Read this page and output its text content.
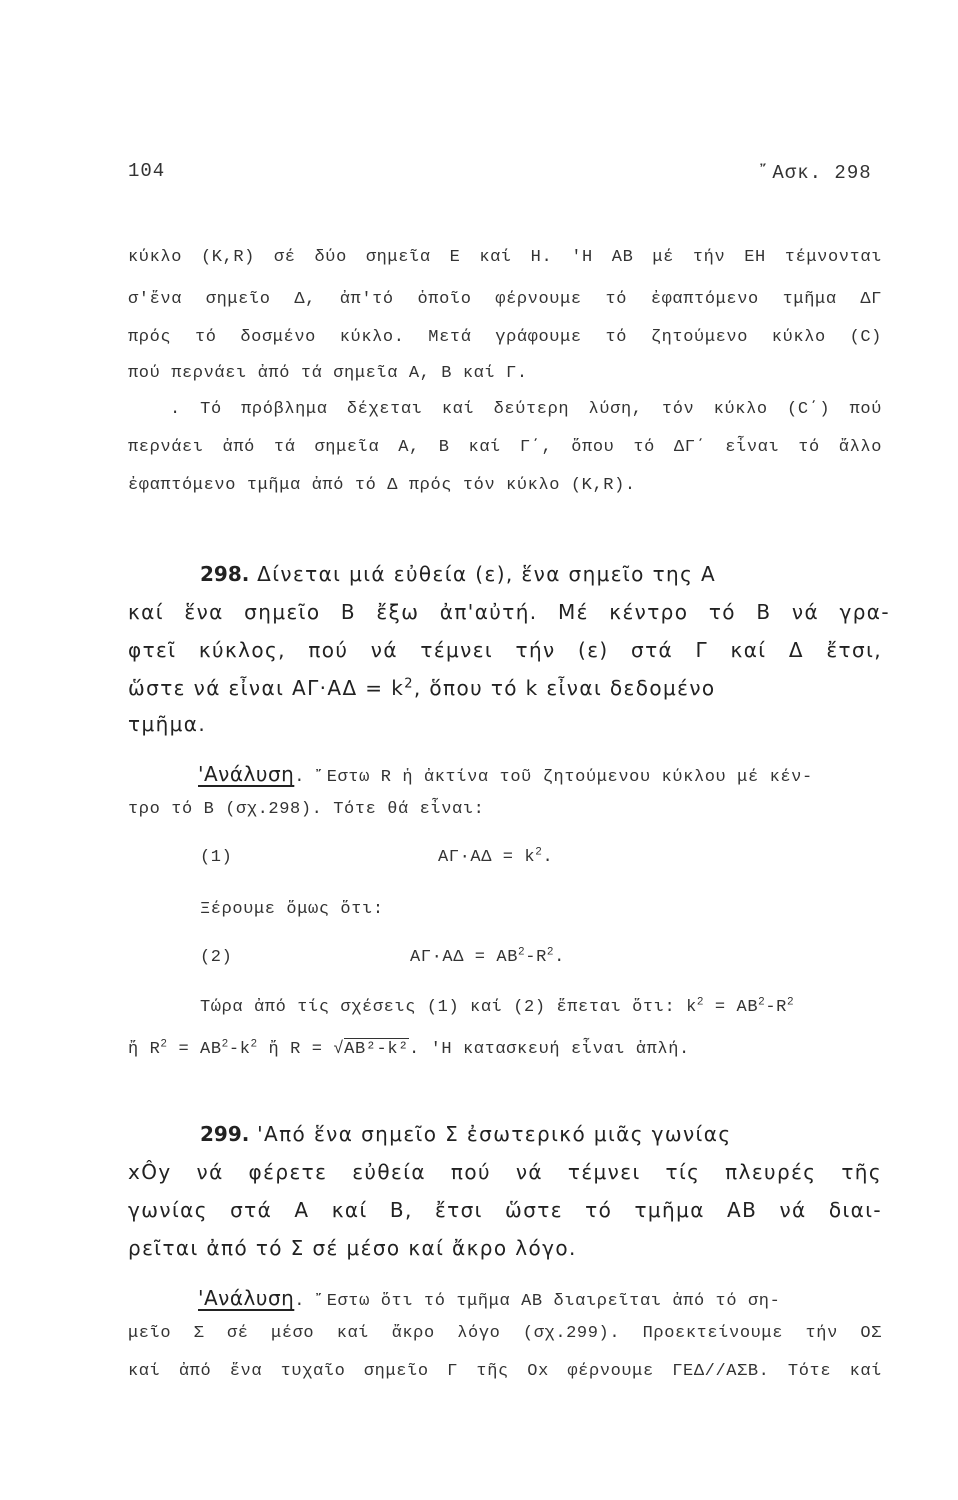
104	῎Ασκ. 298
κύκλο (Κ,R) σέ δύο σημεῖα Ε καί Η. 'Η ΑΒ μέ τήν ΕΗ τέμνονται
σ'ἕνα σημεῖο Δ, ἀπ'τό ὁποῖο φέρνουμε τό ἐφαπτόμενο τμῆμα ΔΓ
πρός τό δοσμένο κύκλο. Μετά γράφουμε τό ζητούμενο κύκλο (C)
πού περνάει ἀπό τά σημεῖα Α, Β καί Γ.
. Τό πρόβλημα δέχεται καί δεύτερη λύση, τόν κύκλο (C΄) πού
περνάει ἀπό τά σημεῖα Α, Β καί Γ΄, ὅπου τό ΔΓ΄ εἶναι τό ἄλλο
ἐφαπτόμενο τμῆμα ἀπό τό Δ πρός τόν κύκλο (Κ,R).
298. Δίνεται μιά εὐθεία (ε), ἕνα σημεῖο της Α
καί ἕνα σημεῖο Β ἔξω ἀπ'αὐτή. Μέ κέντρο τό Β νά γρα-
φτεῖ κύκλος, πού νά τέμνει τήν (ε) στά Γ καί Δ ἔτσι,
ὥστε νά εἶναι $A\Gamma\cdot A\Delta = k^2$, ὅπου τό k εἶναι δεδομένο
τμῆμα.
'Ανάλυση. ῎Εστω R ἡ ἀκτίνα τοῦ ζητούμενου κύκλου μέ κέν-
τρο τό Β (σχ.298). Τότε θά εἶναι:
(1)	$A\Gamma\cdot A\Delta = k^2$.
Ξέρουμε ὅμως ὅτι:
(2)	$A\Gamma\cdot A\Delta = AB^2-R^2$.
Τώρα ἀπό τίς σχέσεις (1) καί (2) ἕπεται ὅτι: $k^2 = AB^2-R^2$
ἤ $R^2 = AB^2-k^2$ ἤ R = √ΑΒ²-k². 'Η κατασκευή εἶναι ἁπλή.
299. 'Από ἕνα σημεῖο Σ ἐσωτερικό μιᾶς γωνίας
xÔy νά φέρετε εὐθεία πού νά τέμνει τίς πλευρές τῆς
γωνίας στά Α καί Β, ἔτσι ὥστε τό τμῆμα ΑΒ νά διαι-
ρεῖται ἀπό τό Σ σέ μέσο καί ἄκρο λόγο.
'Ανάλυση. ῎Εστω ὅτι τό τμῆμα ΑΒ διαιρεῖται ἀπό τό ση-
μεῖο Σ σέ μέσο καί ἄκρο λόγο (σχ.299). Προεκτείνουμε τήν ΟΣ
καί ἀπό ἕνα τυχαῖο σημεῖο Γ τῆς Οx φέρνουμε ΓΕΔ//ΑΣΒ. Τότε καί
